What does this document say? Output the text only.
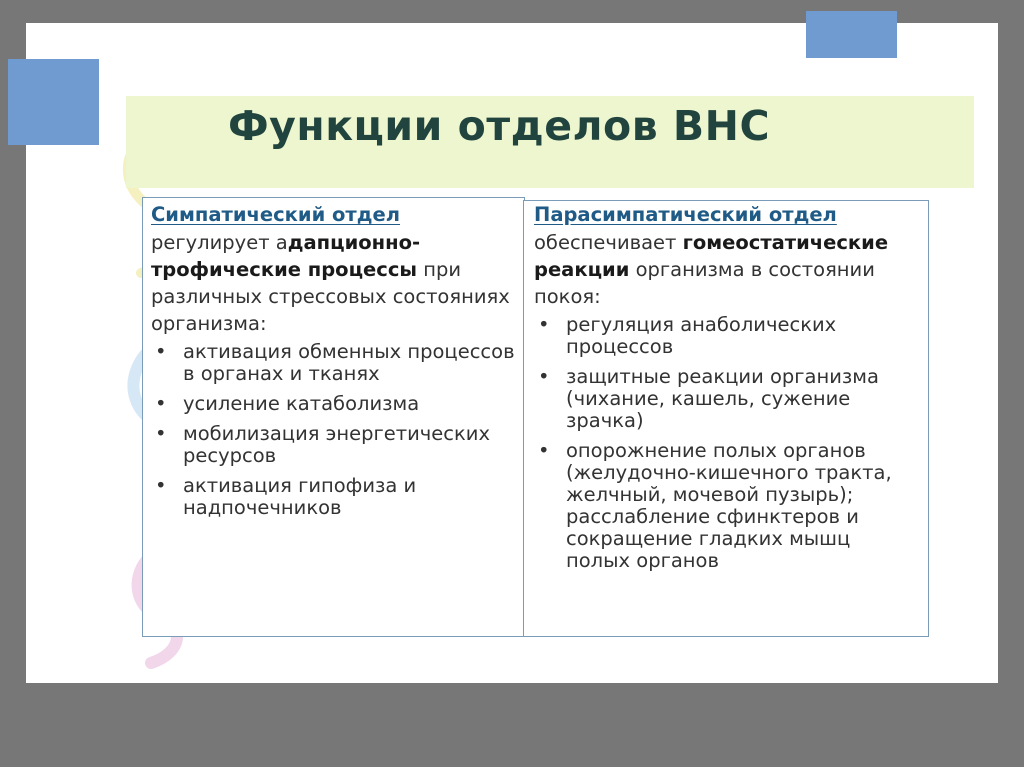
Функции отделов ВНС

Симпатический отдел

регулирует адапционно-трофические процессы при различных стрессовых состояниях организма:

• активация обменных процессов в органах и тканях
• усиление катаболизма
• мобилизация энергетических ресурсов
• активация гипофиза и надпочечников

Парасимпатический отдел

обеспечивает гомеостатические реакции организма в состоянии покоя:

• регуляция анаболических процессов
• защитные реакции организма (чихание, кашель, сужение зрачка)
• опорожнение полых органов (желудочно-кишечного тракта, желчный, мочевой пузырь); расслабление сфинктеров и сокращение гладких мышц полых органов
